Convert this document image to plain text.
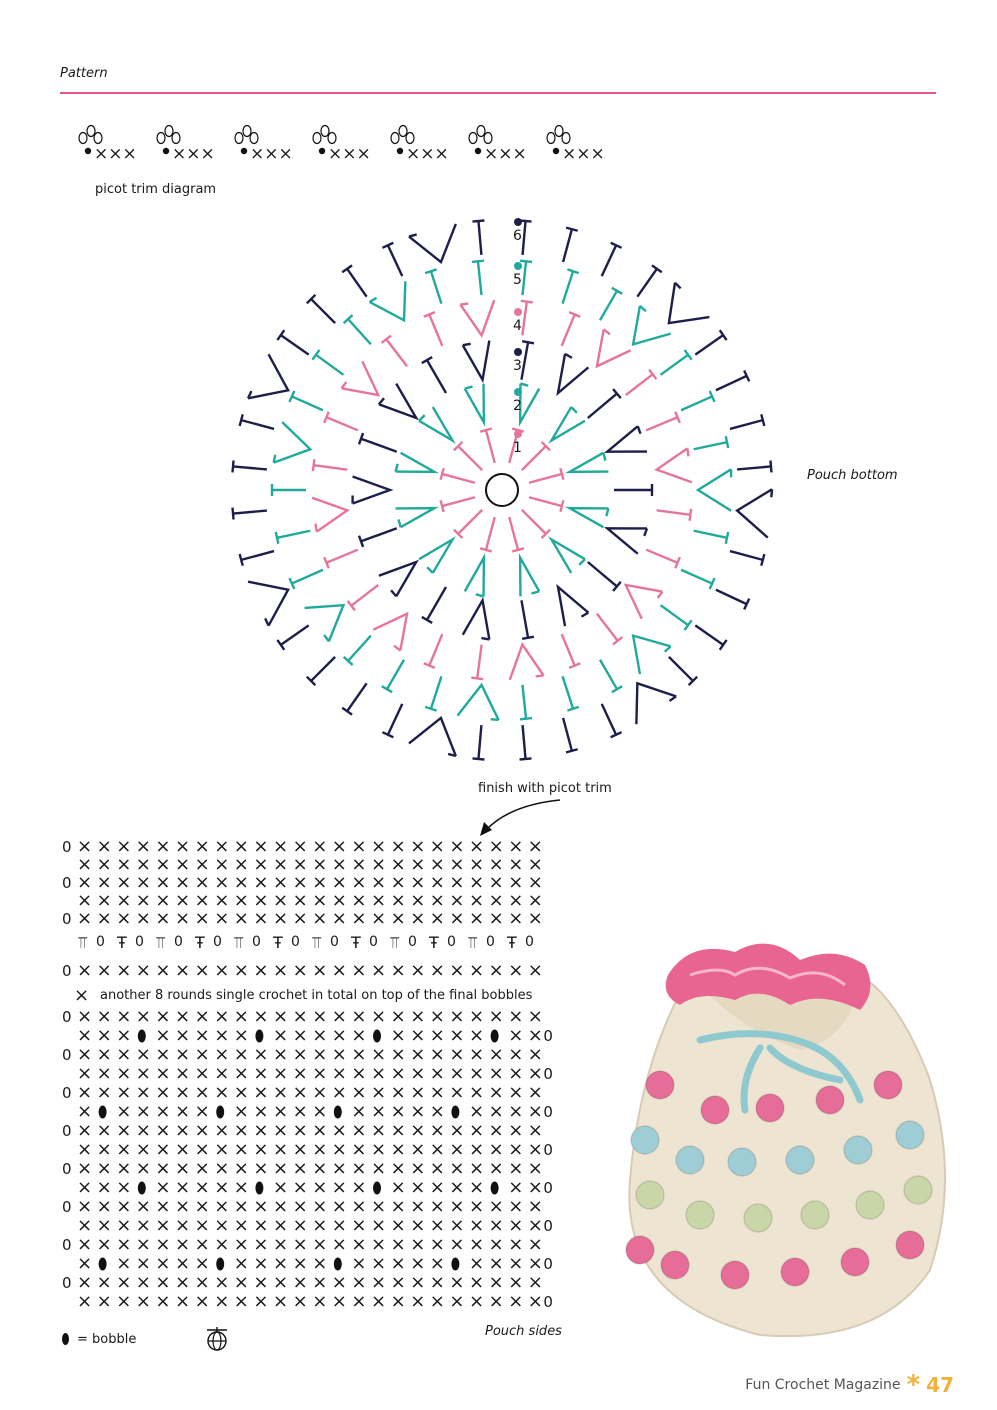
Pattern
××× ××× ××× ××× ××× ××× ×××
picot trim diagram
1
2
3
4
5
6
Pouch bottom
finish with picot trim
0 × × × × × × × × × × × × × × × × × × × × × × × ×
× × × × × × × × × × × × × × × × × × × × × × × ×
0 × × × × × × × × × × × × × × × × × × × × × × × ×
× × × × × × × × × × × × × × × × × × × × × × × ×
0 × × × × × × × × × × × × × × × × × × × × × × × ×
⫪ 0 Ŧ 0 ⫪ 0 Ŧ 0 ⫪ 0 Ŧ 0 ⫪ 0 Ŧ 0 ⫪ 0 Ŧ 0 ⫪ 0 Ŧ 0
0 × × × × × × × × × × × × × × × × × × × × × × × ×
×
0 × × × × × × × × × × × × × × × × × × × × × × × ×
× × × × × × × × × × × × × × × × × × × × 0
0 × × × × × × × × × × × × × × × × × × × × × × × ×
× × × × × × × × × × × × × × × × × × × × × × × × 0
0 × × × × × × × × × × × × × × × × × × × × × × × ×
× × × × × × × × × × × × × × × × × × × × 0
0 × × × × × × × × × × × × × × × × × × × × × × × ×
× × × × × × × × × × × × × × × × × × × × × × × × 0
0 × × × × × × × × × × × × × × × × × × × × × × × ×
× × × × × × × × × × × × × × × × × × × × 0
0 × × × × × × × × × × × × × × × × × × × × × × × ×
× × × × × × × × × × × × × × × × × × × × × × × × 0
0 × × × × × × × × × × × × × × × × × × × × × × × ×
× × × × × × × × × × × × × × × × × × × × 0
0 × × × × × × × × × × × × × × × × × × × × × × × ×
× × × × × × × × × × × × × × × × × × × × × × × × 0
another 8 rounds single crochet in total on top of the final bobbles
Pouch sides
= bobble
Fun Crochet Magazine * 47
